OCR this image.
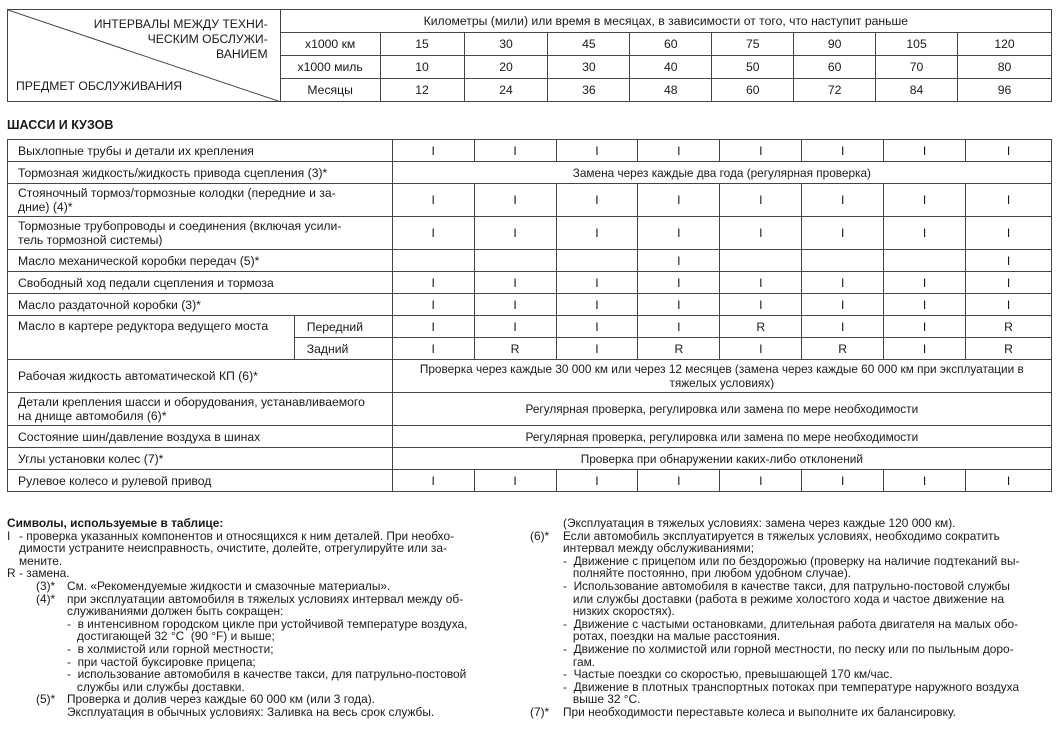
ИНТЕРВАЛЫ МЕЖДУ ТЕХНИ-
ЧЕСКИМ ОБСЛУЖИ-
ВАНИЕМ
ПРЕДМЕТ ОБСЛУЖИВАНИЯ	Километры (мили) или время в месяцах, в зависимости от того, что наступит раньше								
	x1000 км	15	30	45	60	75	90	105	120
	x1000 миль	10	20	30	40	50	60	70	80
	Месяцы	12	24	36	48	60	72	84	96
ШАССИ И КУЗОВ
Выхлопные трубы и детали их крепления		I	I	I	I	I	I	I	I
Тормозная жидкость/жидкость привода сцепления (3)*		Замена через каждые два года (регулярная проверка)							
Стояночный тормоз/тормозные колодки (передние и за-
дние) (4)*		I	I	I	I	I	I	I	I
Тормозные трубопроводы и соединения (включая усили-
тель тормозной системы)		I	I	I	I	I	I	I	I
Масло механической коробки передач (5)*					I				I
Свободный ход педали сцепления и тормоза		I	I	I	I	I	I	I	I
Масло раздаточной коробки (3)*		I	I	I	I	I	I	I	I
Масло в картере редуктора ведущего моста	Передний	I	I	I	I	R	I	I	R
	Задний	I	R	I	R	I	R	I	R
Рабочая жидкость автоматической КП (6)*		Проверка через каждые 30 000 км или через 12 месяцев (замена через каждые 60 000 км при эксплуатации в
тяжелых условиях)							
Детали крепления шасси и оборудования, устанавливаемого
на днище автомобиля (6)*		Регулярная проверка, регулировка или замена по мере необходимости							
Состояние шин/давление воздуха в шинах		Регулярная проверка, регулировка или замена по мере необходимости							
Углы установки колес (7)*		Проверка при обнаружении каких-либо отклонений							
Рулевое колесо и рулевой привод		I	I	I	I	I	I	I	I
Символы, используемые в таблице:
I - проверка указанных компонентов и относящихся к ним деталей. При необхо-
димости устраните неисправность, очистите, долейте, отрегулируйте или за-
мените.
R - замена.
(3)* См. «Рекомендуемые жидкости и смазочные материалы».
(4)* при эксплуатации автомобиля в тяжелых условиях интервал между об-
служиваниями должен быть сокращен:
-  в интенсивном городском цикле при устойчивой температуре воздуха,
достигающей 32 °C  (90 °F) и выше;
-  в холмистой или горной местности;
-  при частой буксировке прицепа;
-  использование автомобиля в качестве такси, для патрульно-постовой
службы или службы доставки.
(5)* Проверка и долив через каждые 60 000 км (или 3 года).
Эксплуатация в обычных условиях: Заливка на весь срок службы.
(Эксплуатация в тяжелых условиях: замена через каждые 120 000 км).
(6)* Если автомобиль эксплуатируется в тяжелых условиях, необходимо сократить
интервал между обслуживаниями;
-  Движение с прицепом или по бездорожью (проверку на наличие подтеканий вы-
полняйте постоянно, при любом удобном случае).
-  Использование автомобиля в качестве такси, для патрульно-постовой службы
или службы доставки (работа в режиме холостого хода и частое движение на
низких скоростях).
-  Движение с частыми остановками, длительная работа двигателя на малых обо-
ротах, поездки на малые расстояния.
-  Движение по холмистой или горной местности, по песку или по пыльным доро-
гам.
-  Частые поездки со скоростью, превышающей 170 км/час.
-  Движение в плотных транспортных потоках при температуре наружного воздуха
выше 32 °C.
(7)* При необходимости переставьте колеса и выполните их балансировку.
